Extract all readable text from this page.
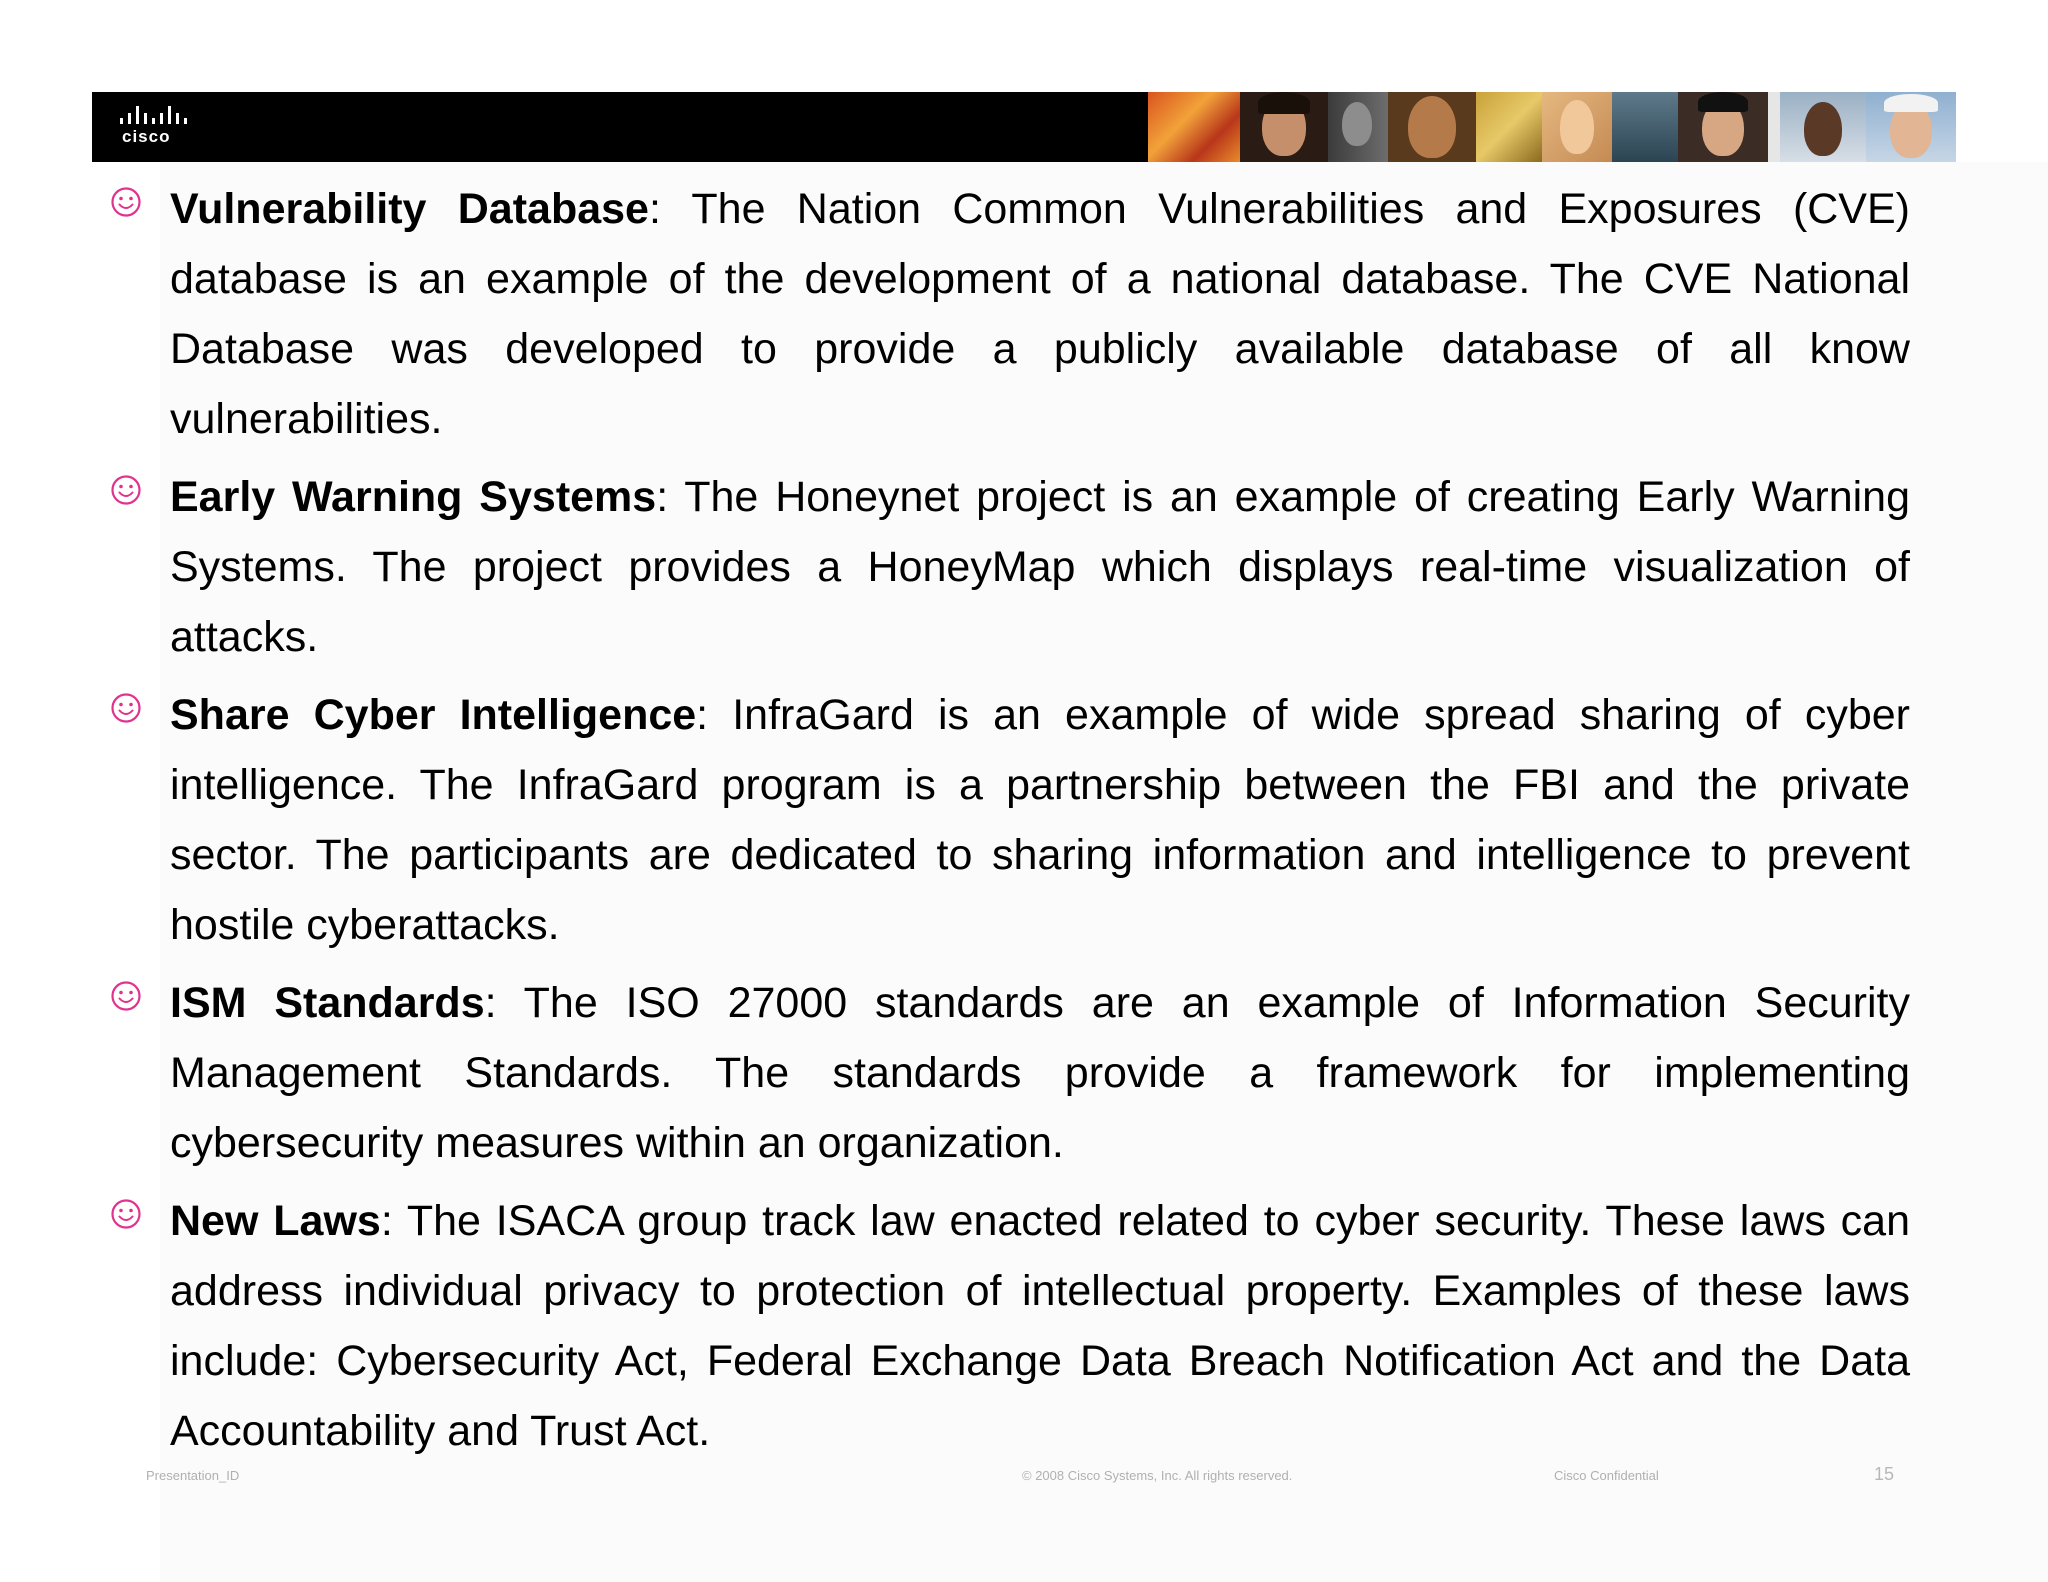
cisco

Vulnerability Database: The Nation Common Vulnerabilities and Exposures (CVE) database is an example of the development of a national database. The CVE National Database was developed to provide a publicly available database of all know vulnerabilities.

Early Warning Systems: The Honeynet project is an example of creating Early Warning Systems. The project provides a HoneyMap which displays real-time visualization of attacks.

Share Cyber Intelligence: InfraGard is an example of wide spread sharing of cyber intelligence. The InfraGard program is a partnership between the FBI and the private sector. The participants are dedicated to sharing information and intelligence to prevent hostile cyberattacks.

ISM Standards: The ISO 27000 standards are an example of Information Security Management Standards. The standards provide a framework for implementing cybersecurity measures within an organization.

New Laws: The ISACA group track law enacted related to cyber security. These laws can address individual privacy to protection of intellectual property. Examples of these laws include: Cybersecurity Act, Federal Exchange Data Breach Notification Act and the Data Accountability and Trust Act.

Presentation_ID	© 2008 Cisco Systems, Inc. All rights reserved.	Cisco Confidential	15
